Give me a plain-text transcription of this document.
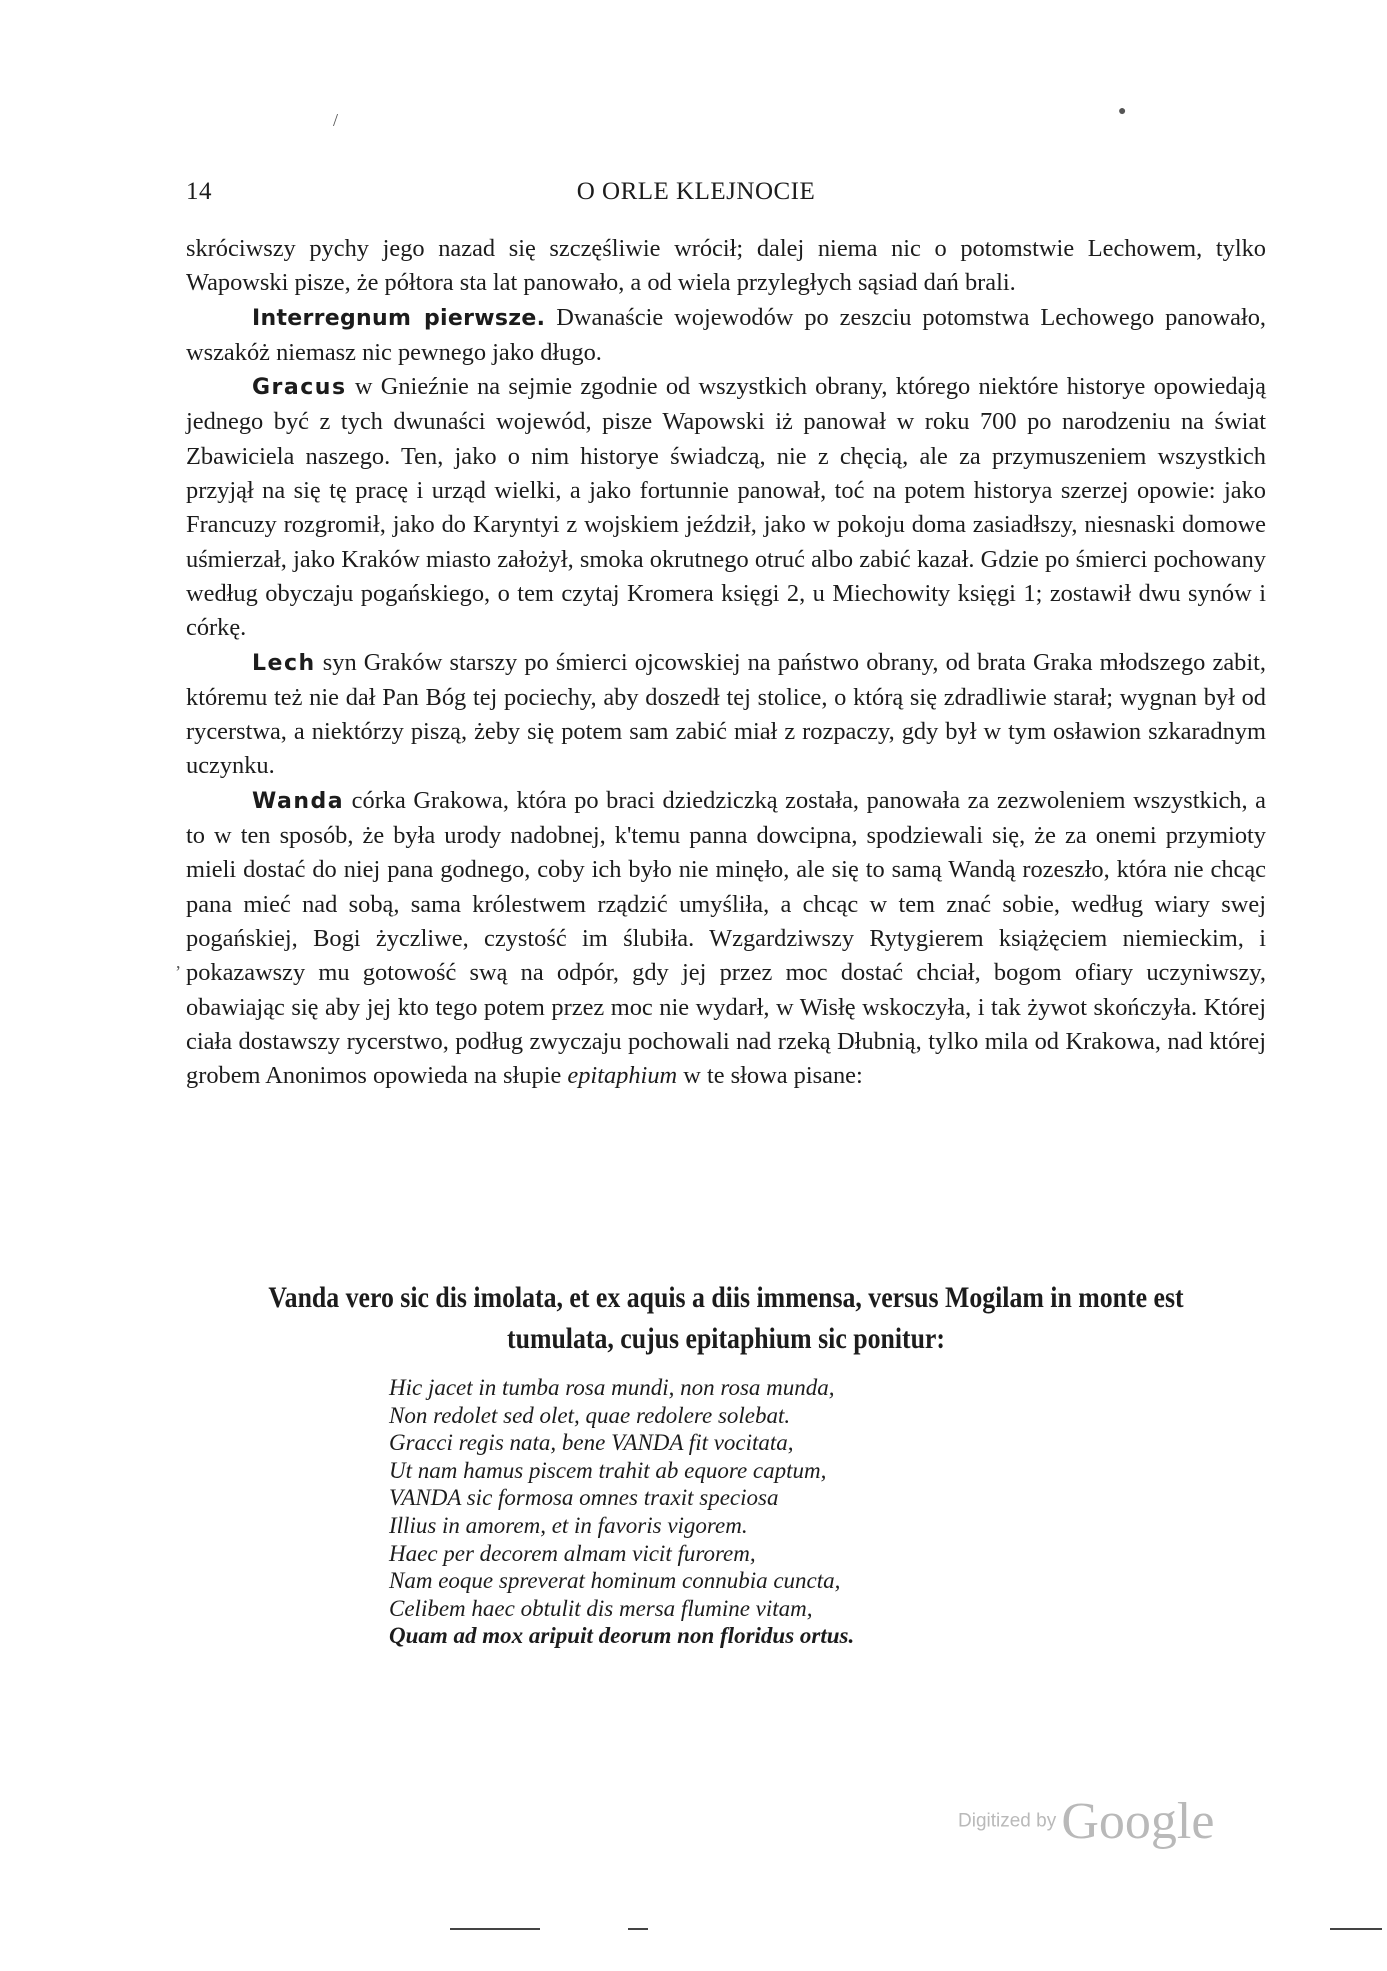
/	●
,
14	O ORLE KLEJNOCIE

skróciwszy pychy jego nazad się szczęśliwie wrócił; dalej niema nic o potomstwie Lechowem, tylko Wapowski pisze, że półtora sta lat panowało, a od wiela przyległych sąsiad dań brali.

Interregnum pierwsze. Dwanaście wojewodów po zeszciu potomstwa Lechowego panowało, wszakóż niemasz nic pewnego jako długo.

Gracus w Gnieźnie na sejmie zgodnie od wszystkich obrany, którego niektóre historye opowiedają jednego być z tych dwunaści wojewód, pisze Wapowski iż panował w roku 700 po narodzeniu na świat Zbawiciela naszego. Ten, jako o nim historye świadczą, nie z chęcią, ale za przymuszeniem wszystkich przyjął na się tę pracę i urząd wielki, a jako fortunnie panował, toć na potem historya szerzej opowie: jako Francuzy rozgromił, jako do Karyntyi z wojskiem jeździł, jako w pokoju doma zasiadłszy, niesnaski domowe uśmierzał, jako Kraków miasto założył, smoka okrutnego otruć albo zabić kazał. Gdzie po śmierci pochowany według obyczaju pogańskiego, o tem czytaj Kromera księgi 2, u Miechowity księgi 1; zostawił dwu synów i córkę.

Lech syn Graków starszy po śmierci ojcowskiej na państwo obrany, od brata Graka młodszego zabit, któremu też nie dał Pan Bóg tej pociechy, aby doszedł tej stolice, o którą się zdradliwie starał; wygnan był od rycerstwa, a niektórzy piszą, żeby się potem sam zabić miał z rozpaczy, gdy był w tym osławion szkaradnym uczynku.

Wanda córka Grakowa, która po braci dziedziczką została, panowała za zezwoleniem wszystkich, a to w ten sposób, że była urody nadobnej, k'temu panna dowcipna, spodziewali się, że za onemi przymioty mieli dostać do niej pana godnego, coby ich było nie minęło, ale się to samą Wandą rozeszło, która nie chcąc pana mieć nad sobą, sama królestwem rządzić umyśliła, a chcąc w tem znać sobie, według wiary swej pogańskiej, Bogi życzliwe, czystość im ślubiła. Wzgardziwszy Rytygierem książęciem niemieckim, i pokazawszy mu gotowość swą na odpór, gdy jej przez moc dostać chciał, bogom ofiary uczyniwszy, obawiając się aby jej kto tego potem przez moc nie wydarł, w Wisłę wskoczyła, i tak żywot skończyła. Której ciała dostawszy rycerstwo, podług zwyczaju pochowali nad rzeką Dłubnią, tylko mila od Krakowa, nad której grobem Anonimos opowieda na słupie epitaphium w te słowa pisane:

Vanda vero sic dis imolata, et ex aquis a diis immensa, versus Mogilam in monte est tumulata, cujus epitaphium sic ponitur:
Hic jacet in tumba rosa mundi, non rosa munda,
Non redolet sed olet, quae redolere solebat.
Gracci regis nata, bene VANDA fit vocitata,
Ut nam hamus piscem trahit ab equore captum,
VANDA sic formosa omnes traxit speciosa
Illius in amorem, et in favoris vigorem.
Haec per decorem almam vicit furorem,
Nam eoque spreverat hominum connubia cuncta,
Celibem haec obtulit dis mersa flumine vitam,
Quam ad mox aripuit deorum non floridus ortus.
Digitized by Google
